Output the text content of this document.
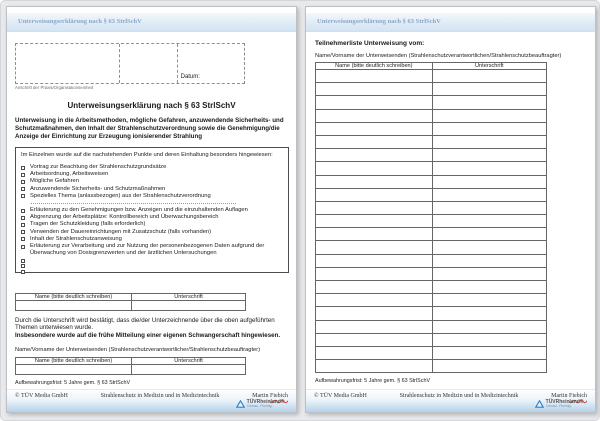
Unterweisungserklärung nach § 63 StrlSchV
Datum:
Anschrift der Praxis/Organisationseinheit
Unterweisungserklärung nach § 63 StrlSchV
Unterweisung in die Arbeitsmethoden, mögliche Gefahren, anzuwendende Sicherheits- und Schutzmaßnahmen, den Inhalt der Strahlenschutzverordnung sowie die Genehmigung/die Anzeige der Einrichtung zur Erzeugung ionisierender Strahlung
Im Einzelnen wurde auf die nachstehenden Punkte und deren Einhaltung besonders hingewiesen:
Vortrag zur Beachtung der Strahlenschutzgrundsätze
Arbeitsordnung, Arbeitsweisen
Mögliche Gefahren
Anzuwendende Sicherheits- und Schutzmaßnahmen
Spezielles Thema (anlassbezogen) aus der Strahlenschutzverordnung
Erläuterung zu den Genehmigungen bzw. Anzeigen und die einzuhaltenden Auflagen
Abgrenzung der Arbeitsplätze: Kontrollbereich und Überwachungsbereich
Tragen der Schutzkleidung (falls erforderlich)
Verwenden der Dauereinrichtungen mit Zusatzschutz (falls vorhanden)
Inhalt der Strahlenschutzanweisung
Erläuterung zur Verarbeitung und zur Nutzung der personenbezogenen Daten aufgrund der Überwachung von Dosisgrenzwerten und der ärztlichen Untersuchungen
Name (bitte deutlich schreiben)	Unterschrift

Durch die Unterschrift wird bestätigt, dass die/der Unterzeichnende über die oben aufgeführten Themen unterwiesen wurde.
Insbesondere wurde auf die frühe Mitteilung einer eigenen Schwangerschaft hingewiesen.
Name/Vorname der Unterweisenden (Strahlenschutzverantwortlicher/Strahlenschutzbeauftragter)
Name (bitte deutlich schreiben)	Unterschrift

Aufbewahrungsfrist: 5 Jahre gem. § 63 StrlSchV
© TÜV Media GmbH	Strahlenschutz in Medizin und in Medizintechnik	Martin Fiebich
TÜVRheinland®
Genau. Richtig.
Unterweisungserklärung nach § 63 StrlSchV
Teilnehmerliste Unterweisung vom:
Name/Vorname der Unterweisenden (Strahlenschutzverantwortlichen/Strahlenschutzbeauftragter)
Name (bitte deutlich schreiben)	Unterschrift

Aufbewahrungsfrist: 5 Jahre gem. § 63 StrlSchV
© TÜV Media GmbH	Strahlenschutz in Medizin und in Medizintechnik	Martin Fiebich
TÜVRheinland®
Genau. Richtig.
